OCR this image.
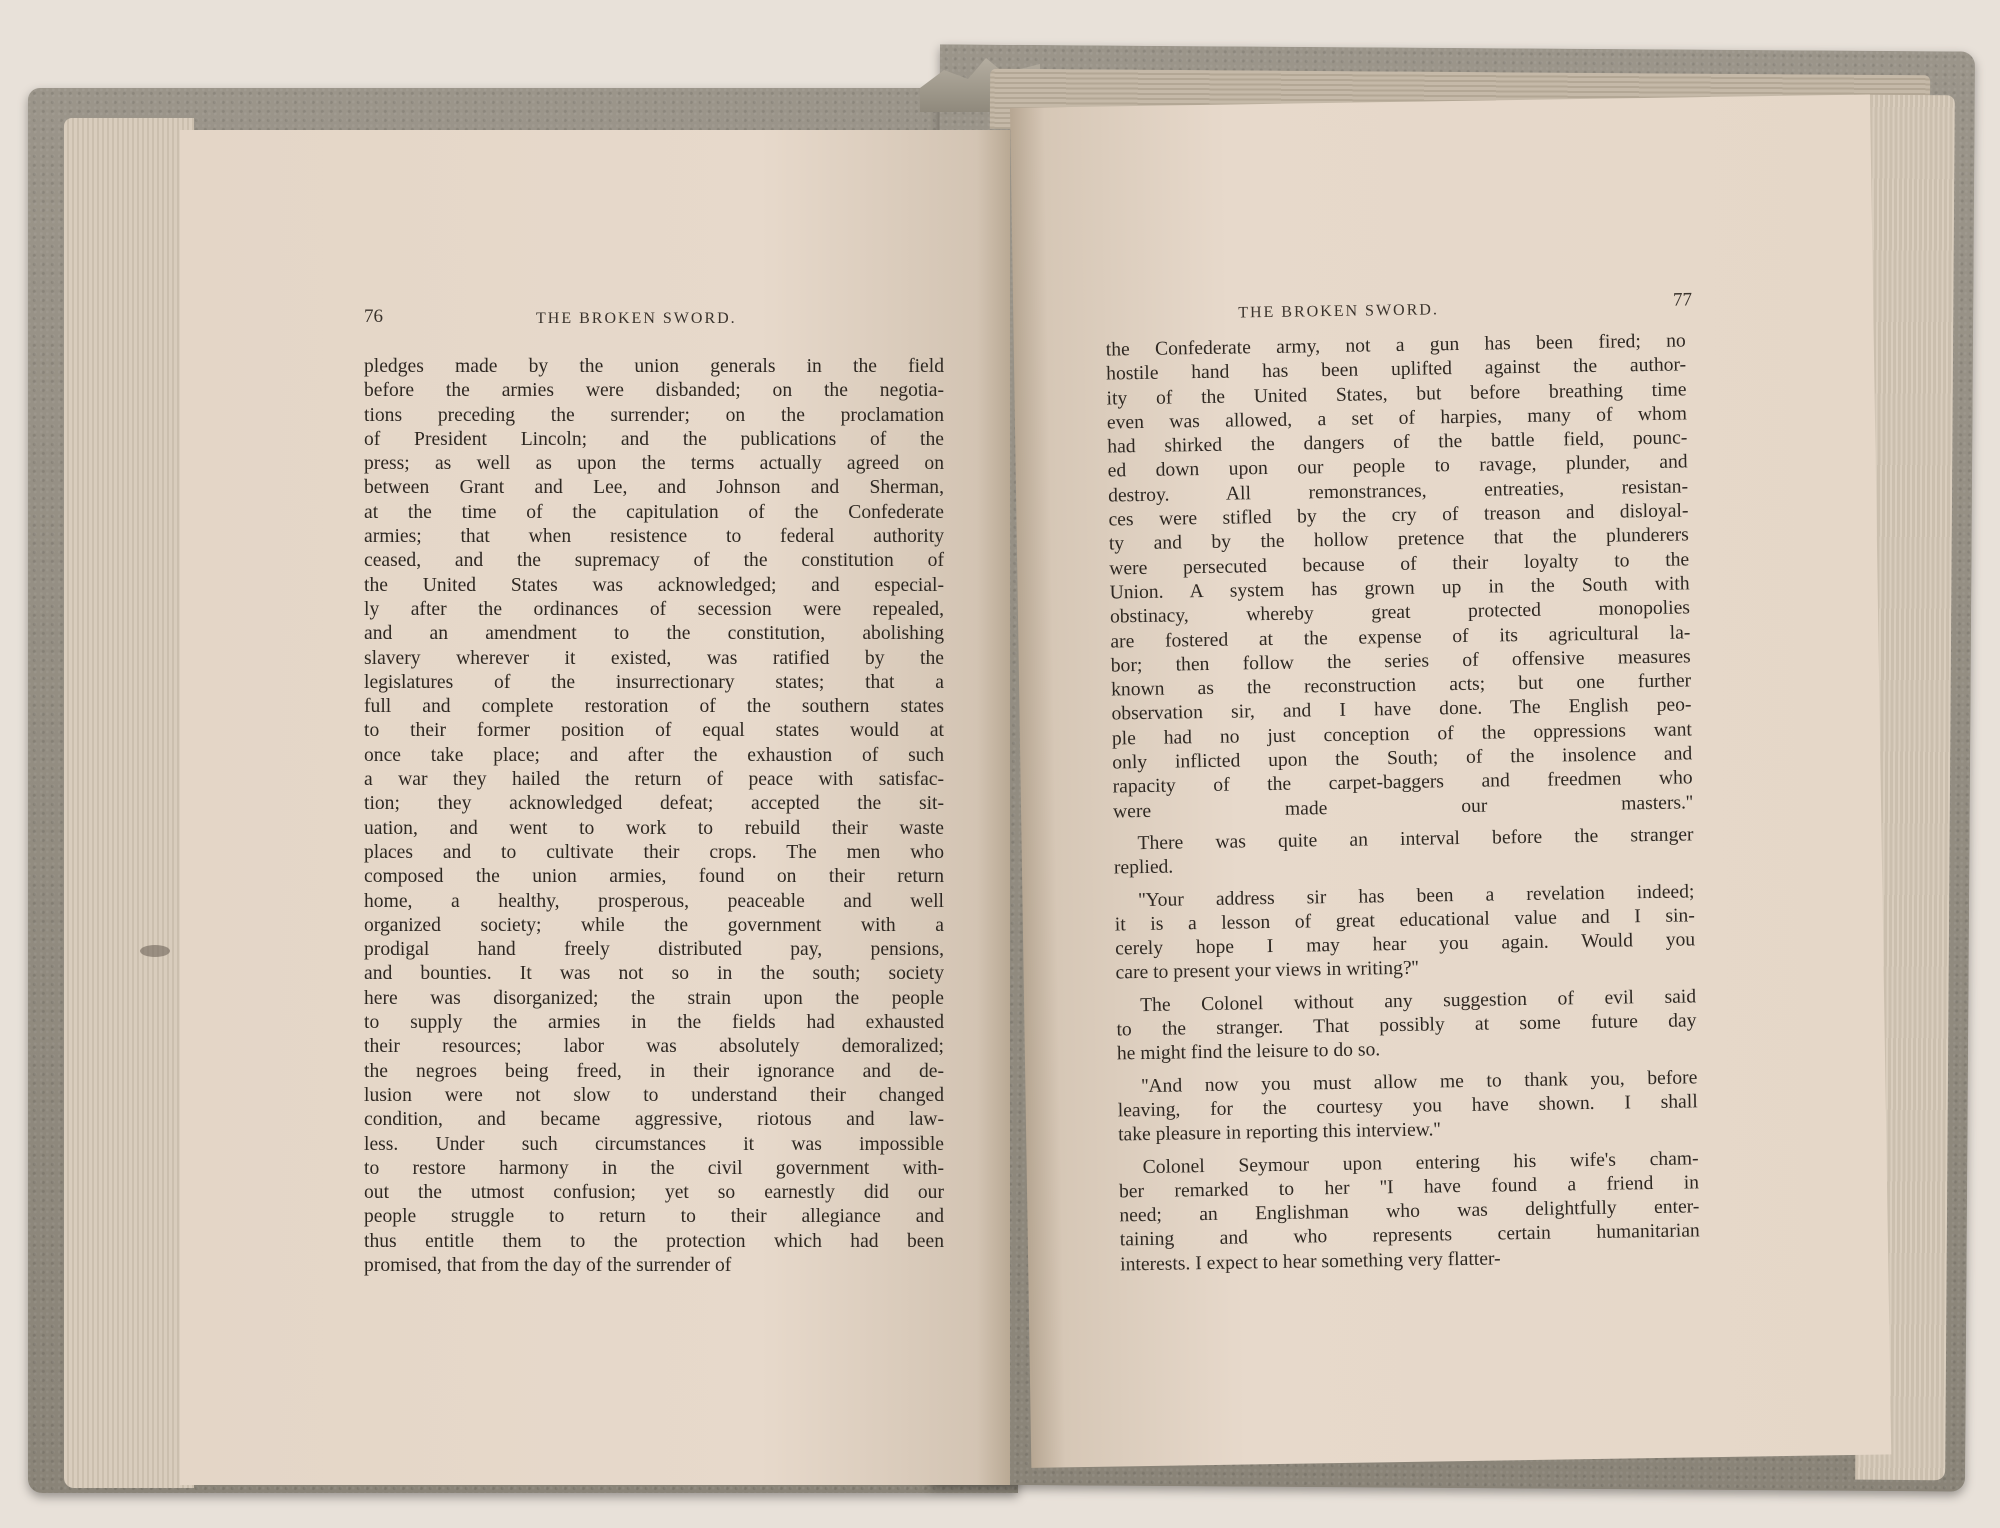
76	THE BROKEN SWORD.
pledges made by the union generals in the field
before the armies were disbanded; on the negotia-
tions preceding the surrender; on the proclamation
of President Lincoln; and the publications of the
press; as well as upon the terms actually agreed on
between Grant and Lee, and Johnson and Sherman,
at the time of the capitulation of the Confederate
armies; that when resistence to federal authority
ceased, and the supremacy of the constitution of
the United States was acknowledged; and especial-
ly after the ordinances of secession were repealed,
and an amendment to the constitution, abolishing
slavery wherever it existed, was ratified by the
legislatures of the insurrectionary states; that a
full and complete restoration of the southern states
to their former position of equal states would at
once take place; and after the exhaustion of such
a war they hailed the return of peace with satisfac-
tion; they acknowledged defeat; accepted the sit-
uation, and went to work to rebuild their waste
places and to cultivate their crops. The men who
composed the union armies, found on their return
home, a healthy, prosperous, peaceable and well
organized society; while the government with a
prodigal hand freely distributed pay, pensions,
and bounties. It was not so in the south; society
here was disorganized; the strain upon the people
to supply the armies in the fields had exhausted
their resources; labor was absolutely demoralized;
the negroes being freed, in their ignorance and de-
lusion were not slow to understand their changed
condition, and became aggressive, riotous and law-
less. Under such circumstances it was impossible
to restore harmony in the civil government with-
out the utmost confusion; yet so earnestly did our
people struggle to return to their allegiance and
thus entitle them to the protection which had been
promised, that from the day of the surrender of
THE BROKEN SWORD.
77
the Confederate army, not a gun has been fired; no
hostile hand has been uplifted against the author-
ity of the United States, but before breathing time
even was allowed, a set of harpies, many of whom
had shirked the dangers of the battle field, pounc-
ed down upon our people to ravage, plunder, and
destroy. All remonstrances, entreaties, resistan-
ces were stifled by the cry of treason and disloyal-
ty and by the hollow pretence that the plunderers
were persecuted because of their loyalty to the
Union. A system has grown up in the South with
obstinacy, whereby great protected monopolies
are fostered at the expense of its agricultural la-
bor; then follow the series of offensive measures
known as the reconstruction acts; but one further
observation sir, and I have done. The English peo-
ple had no just conception of the oppressions want
only inflicted upon the South; of the insolence and
rapacity of the carpet-baggers and freedmen who
were made our masters.''
There was quite an interval before the stranger
replied.
''Your address sir has been a revelation indeed;
it is a lesson of great educational value and I sin-
cerely hope I may hear you again. Would you
care to present your views in writing?''
The Colonel without any suggestion of evil said
to the stranger. That possibly at some future day
he might find the leisure to do so.
''And now you must allow me to thank you, before
leaving, for the courtesy you have shown. I shall
take pleasure in reporting this interview.''
Colonel Seymour upon entering his wife's cham-
ber remarked to her ''I have found a friend in
need; an Englishman who was delightfully enter-
taining and who represents certain humanitarian
interests. I expect to hear something very flatter-
